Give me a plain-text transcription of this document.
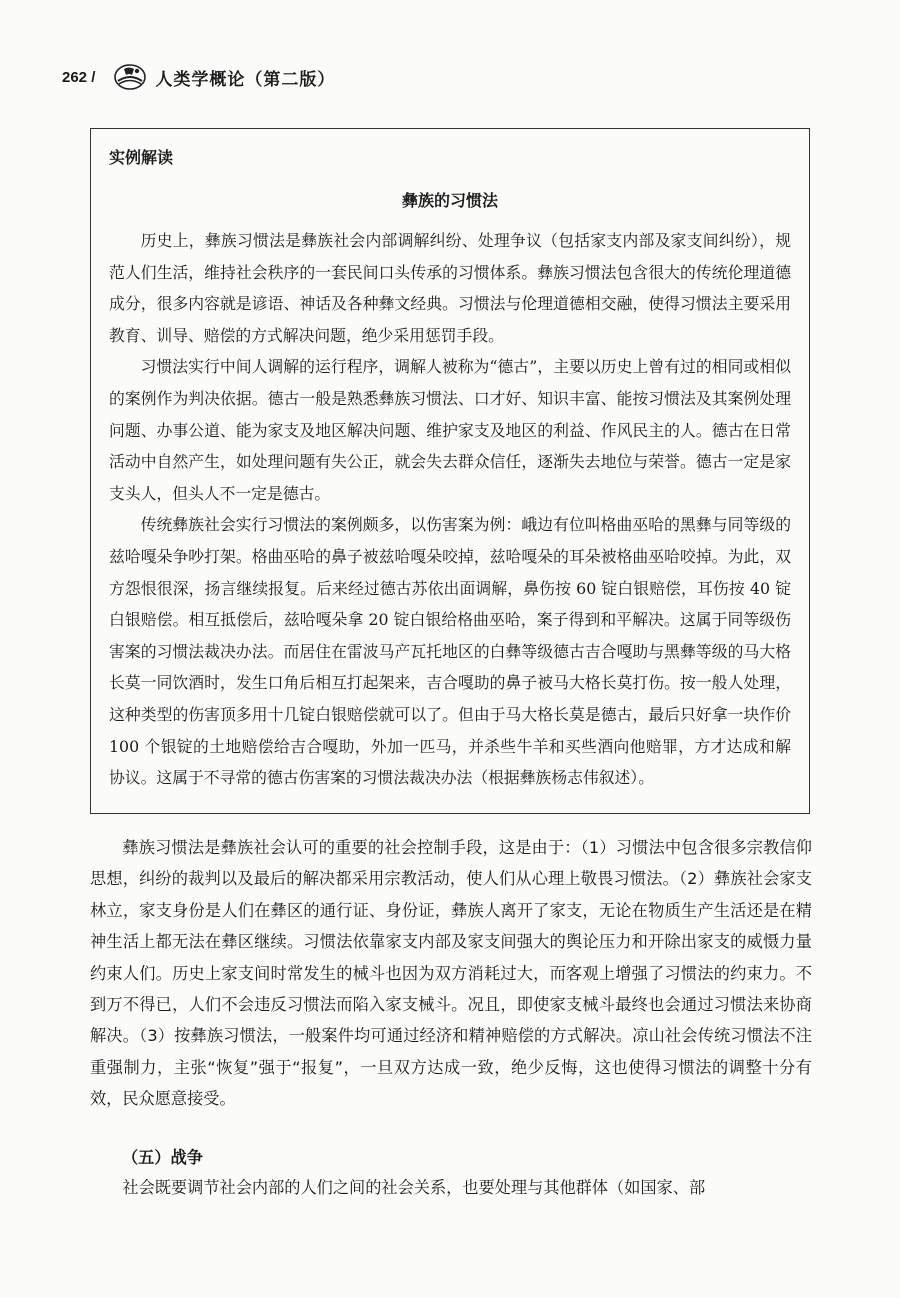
262 /	人类学概论（第二版）
实例解读
彝族的习惯法

历史上，彝族习惯法是彝族社会内部调解纠纷、处理争议（包括家支内部及家支间纠纷），规范人们生活，维持社会秩序的一套民间口头传承的习惯体系。彝族习惯法包含很大的传统伦理道德成分，很多内容就是谚语、神话及各种彝文经典。习惯法与伦理道德相交融，使得习惯法主要采用教育、训导、赔偿的方式解决问题，绝少采用惩罚手段。

习惯法实行中间人调解的运行程序，调解人被称为“德古”，主要以历史上曾有过的相同或相似的案例作为判决依据。德古一般是熟悉彝族习惯法、口才好、知识丰富、能按习惯法及其案例处理问题、办事公道、能为家支及地区解决问题、维护家支及地区的利益、作风民主的人。德古在日常活动中自然产生，如处理问题有失公正，就会失去群众信任，逐渐失去地位与荣誉。德古一定是家支头人，但头人不一定是德古。

传统彝族社会实行习惯法的案例颇多，以伤害案为例：峨边有位叫格曲巫哈的黑彝与同等级的兹哈嘎朵争吵打架。格曲巫哈的鼻子被兹哈嘎朵咬掉，兹哈嘎朵的耳朵被格曲巫哈咬掉。为此，双方怨恨很深，扬言继续报复。后来经过德古苏依出面调解，鼻伤按 60 锭白银赔偿，耳伤按 40 锭白银赔偿。相互抵偿后，兹哈嘎朵拿 20 锭白银给格曲巫哈，案子得到和平解决。这属于同等级伤害案的习惯法裁决办法。而居住在雷波马产瓦托地区的白彝等级德古吉合嘎助与黑彝等级的马大格长莫一同饮酒时，发生口角后相互打起架来，吉合嘎助的鼻子被马大格长莫打伤。按一般人处理，这种类型的伤害顶多用十几锭白银赔偿就可以了。但由于马大格长莫是德古，最后只好拿一块作价 100 个银锭的土地赔偿给吉合嘎助，外加一匹马，并杀些牛羊和买些酒向他赔罪，方才达成和解协议。这属于不寻常的德古伤害案的习惯法裁决办法（根据彝族杨志伟叙述）。

彝族习惯法是彝族社会认可的重要的社会控制手段，这是由于：（1）习惯法中包含很多宗教信仰思想，纠纷的裁判以及最后的解决都采用宗教活动，使人们从心理上敬畏习惯法。（2）彝族社会家支林立，家支身份是人们在彝区的通行证、身份证，彝族人离开了家支，无论在物质生产生活还是在精神生活上都无法在彝区继续。习惯法依靠家支内部及家支间强大的舆论压力和开除出家支的威慑力量约束人们。历史上家支间时常发生的械斗也因为双方消耗过大，而客观上增强了习惯法的约束力。不到万不得已，人们不会违反习惯法而陷入家支械斗。况且，即使家支械斗最终也会通过习惯法来协商解决。（3）按彝族习惯法，一般案件均可通过经济和精神赔偿的方式解决。凉山社会传统习惯法不注重强制力，主张“恢复”强于“报复”，一旦双方达成一致，绝少反悔，这也使得习惯法的调整十分有效，民众愿意接受。

（五）战争

社会既要调节社会内部的人们之间的社会关系，也要处理与其他群体（如国家、部
